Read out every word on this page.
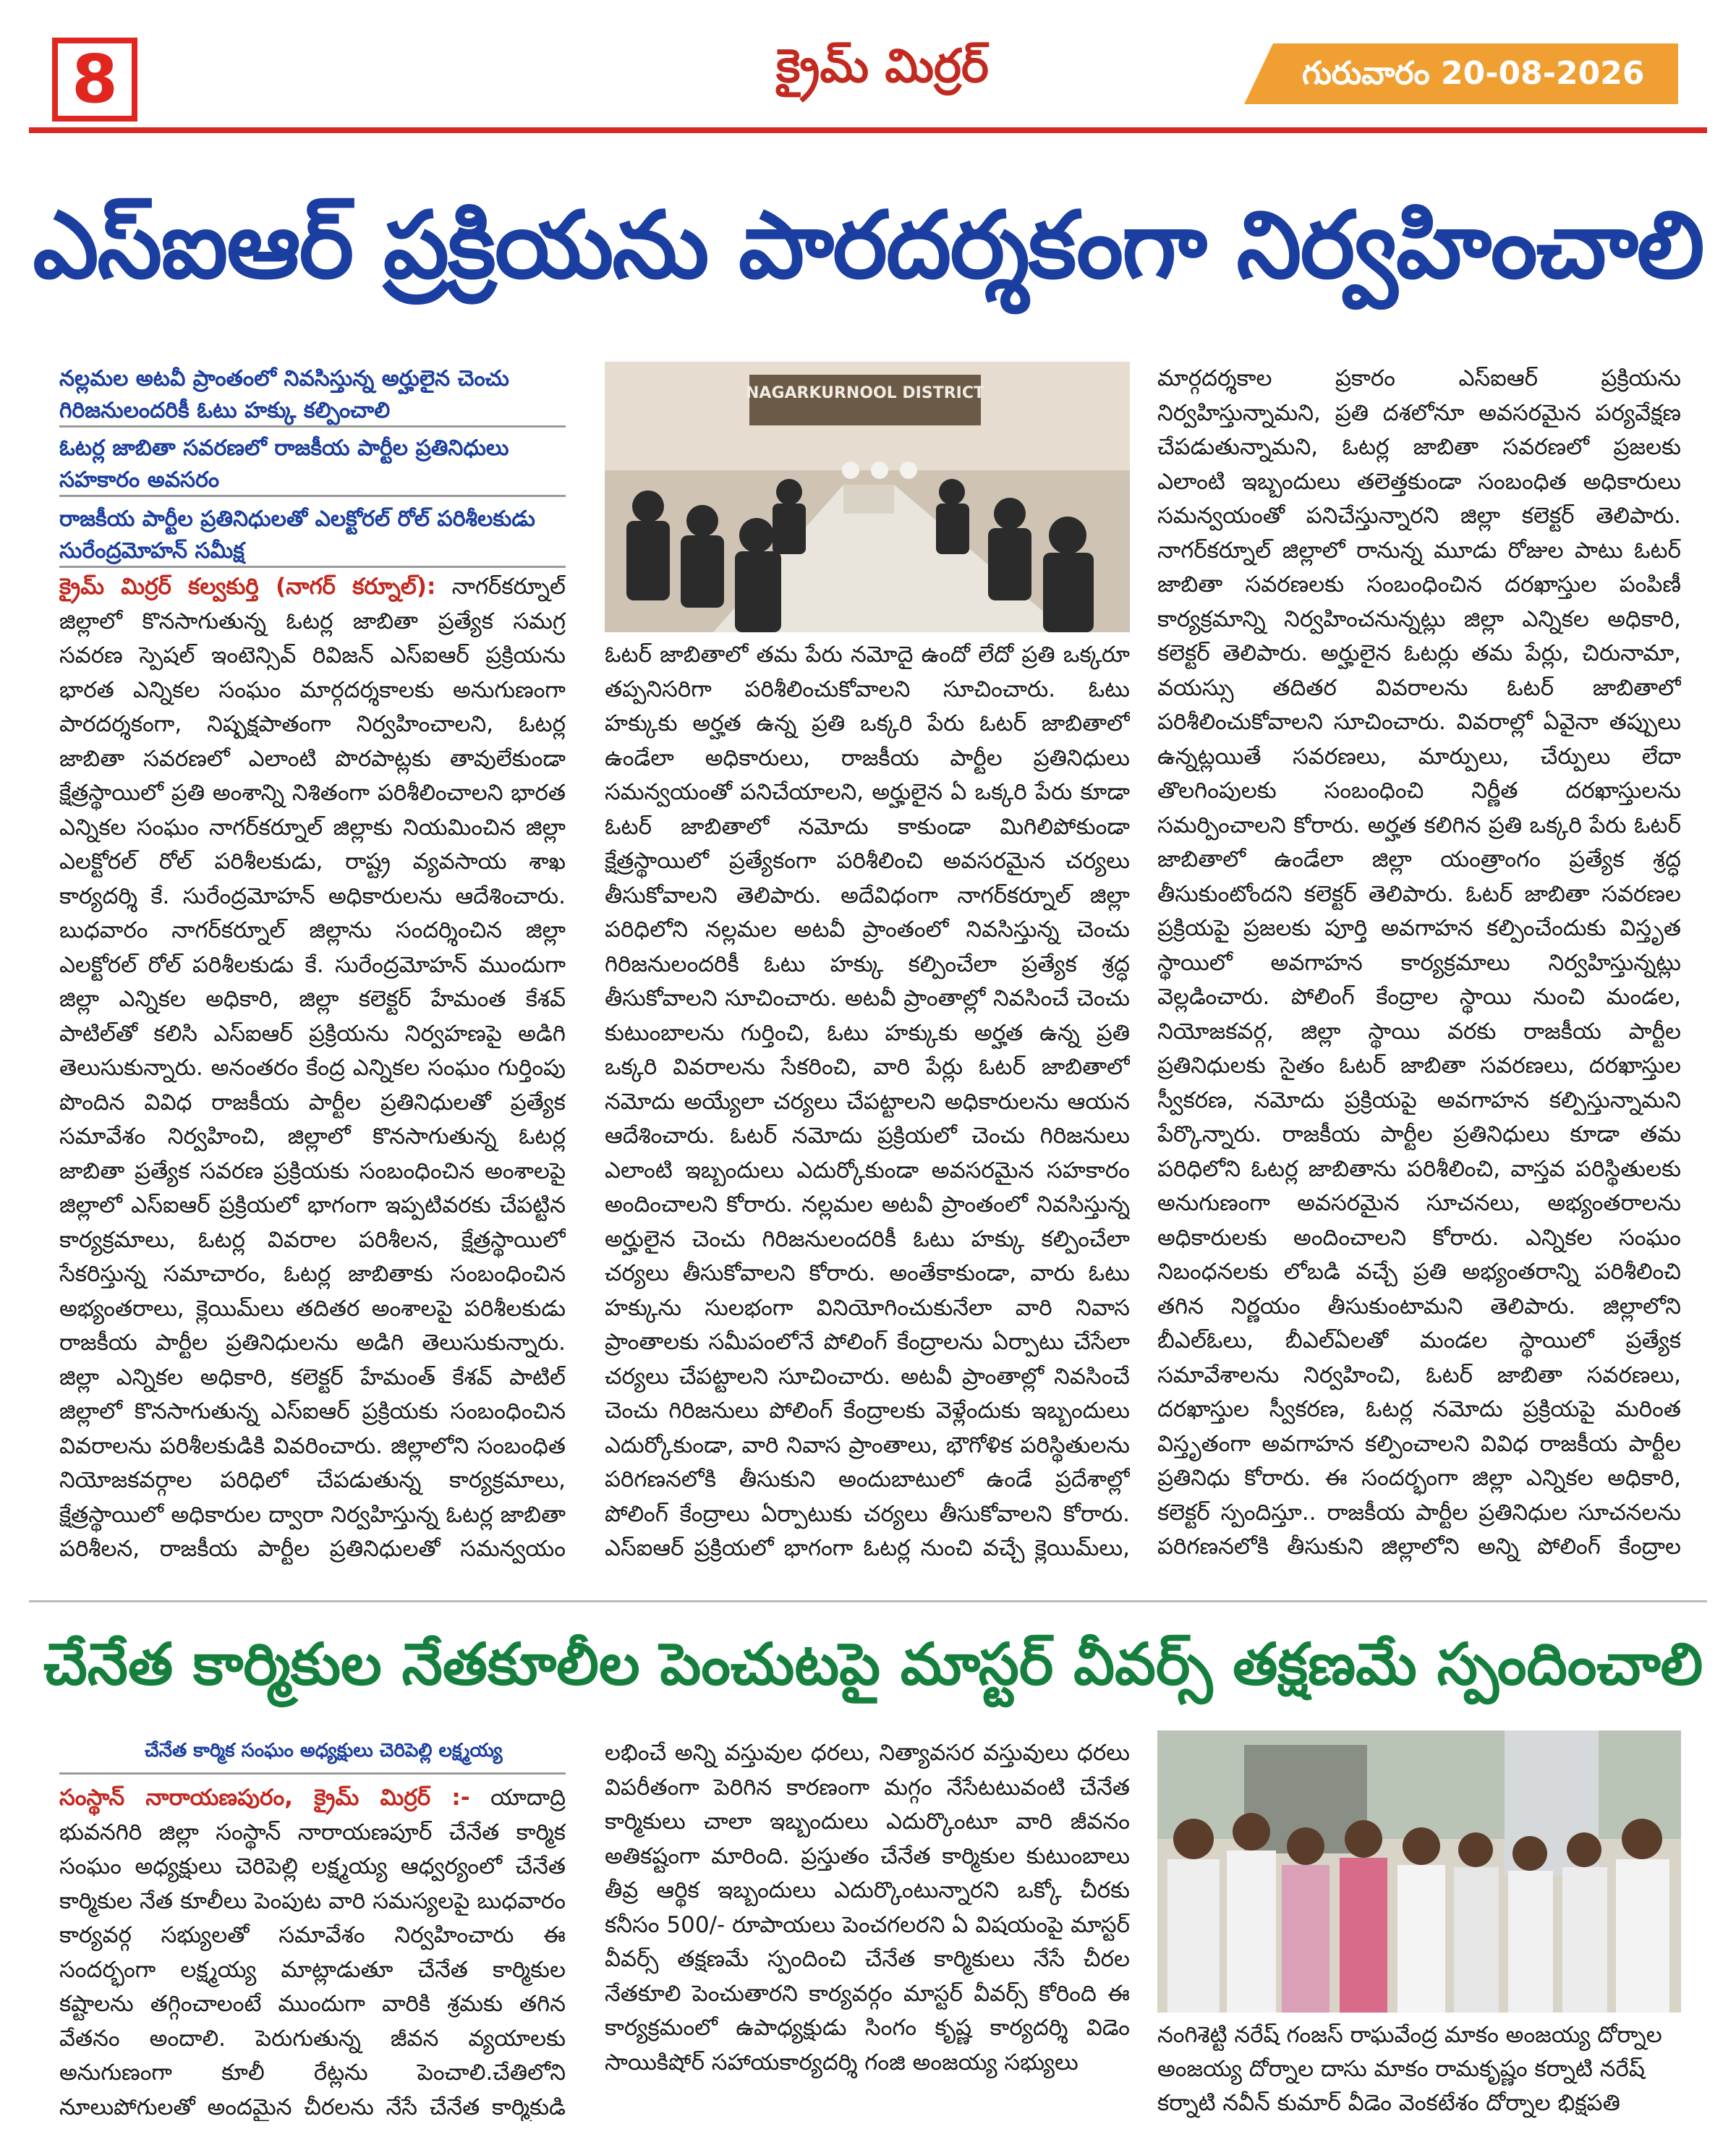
8	క్రైమ్ మిర్రర్	గురువారం 20-08-2026
ఎస్ఐఆర్ ప్రక్రియను పారదర్శకంగా నిర్వహించాలి
నల్లమల అటవీ ప్రాంతంలో నివసిస్తున్న అర్హులైన చెంచు గిరిజనులందరికీ ఓటు హక్కు కల్పించాలి
ఓటర్ల జాబితా సవరణలో రాజకీయ పార్టీల ప్రతినిధులు సహకారం అవసరం
రాజకీయ పార్టీల ప్రతినిధులతో ఎలక్టోరల్ రోల్ పరిశీలకుడు సురేంద్రమోహన్ సమీక్ష

క్రైమ్ మిర్రర్ కల్వకుర్తి (నాగర్ కర్నూల్): నాగర్‌కర్నూల్ జిల్లాలో కొనసాగుతున్న ఓటర్ల జాబితా ప్రత్యేక సమగ్ర సవరణ స్పెషల్ ఇంటెన్సివ్ రివిజన్ ఎస్ఐఆర్ ప్రక్రియను భారత ఎన్నికల సంఘం మార్గదర్శకాలకు అనుగుణంగా పారదర్శకంగా, నిష్పక్షపాతంగా నిర్వహించాలని, ఓటర్ల జాబితా సవరణలో ఎలాంటి పొరపాట్లకు తావులేకుండా క్షేత్రస్థాయిలో ప్రతి అంశాన్ని నిశితంగా పరిశీలించాలని భారత ఎన్నికల సంఘం నాగర్‌కర్నూల్ జిల్లాకు నియమించిన జిల్లా ఎలక్టోరల్ రోల్ పరిశీలకుడు, రాష్ట్ర వ్యవసాయ శాఖ కార్యదర్శి కే. సురేంద్రమోహన్ అధికారులను ఆదేశించారు. బుధవారం నాగర్‌కర్నూల్ జిల్లాను సందర్శించిన జిల్లా ఎలక్టోరల్ రోల్ పరిశీలకుడు కే. సురేంద్రమోహన్ ముందుగా జిల్లా ఎన్నికల అధికారి, జిల్లా కలెక్టర్ హేమంత కేశవ్ పాటిల్‌తో కలిసి ఎస్ఐఆర్ ప్రక్రియను నిర్వహణపై అడిగి తెలుసుకున్నారు. అనంతరం కేంద్ర ఎన్నికల సంఘం గుర్తింపు పొందిన వివిధ రాజకీయ పార్టీల ప్రతినిధులతో ప్రత్యేక సమావేశం నిర్వహించి, జిల్లాలో కొనసాగుతున్న ఓటర్ల జాబితా ప్రత్యేక సవరణ ప్రక్రియకు సంబంధించిన అంశాలపై జిల్లాలో ఎస్ఐఆర్ ప్రక్రియలో భాగంగా ఇప్పటివరకు చేపట్టిన కార్యక్రమాలు, ఓటర్ల వివరాల పరిశీలన, క్షేత్రస్థాయిలో సేకరిస్తున్న సమాచారం, ఓటర్ల జాబితాకు సంబంధించిన అభ్యంతరాలు, క్లెయిమ్‌లు తదితర అంశాలపై పరిశీలకుడు రాజకీయ పార్టీల ప్రతినిధులను అడిగి తెలుసుకున్నారు. జిల్లా ఎన్నికల అధికారి, కలెక్టర్ హేమంత్ కేశవ్ పాటిల్ జిల్లాలో కొనసాగుతున్న ఎస్ఐఆర్ ప్రక్రియకు సంబంధించిన వివరాలను పరిశీలకుడికి వివరించారు. జిల్లాలోని సంబంధిత నియోజకవర్గాల పరిధిలో చేపడుతున్న కార్యక్రమాలు, క్షేత్రస్థాయిలో అధికారుల ద్వారా నిర్వహిస్తున్న ఓటర్ల జాబితా పరిశీలన, రాజకీయ పార్టీల ప్రతినిధులతో సమన్వయం

NAGARKURNOOL DISTRICT

ఓటర్ జాబితాలో తమ పేరు నమోదై ఉందో లేదో ప్రతి ఒక్కరూ తప్పనిసరిగా పరిశీలించుకోవాలని సూచించారు. ఓటు హక్కుకు అర్హత ఉన్న ప్రతి ఒక్కరి పేరు ఓటర్ జాబితాలో ఉండేలా అధికారులు, రాజకీయ పార్టీల ప్రతినిధులు సమన్వయంతో పనిచేయాలని, అర్హులైన ఏ ఒక్కరి పేరు కూడా ఓటర్ జాబితాలో నమోదు కాకుండా మిగిలిపోకుండా క్షేత్రస్థాయిలో ప్రత్యేకంగా పరిశీలించి అవసరమైన చర్యలు తీసుకోవాలని తెలిపారు. అదేవిధంగా నాగర్‌కర్నూల్ జిల్లా పరిధిలోని నల్లమల అటవీ ప్రాంతంలో నివసిస్తున్న చెంచు గిరిజనులందరికీ ఓటు హక్కు కల్పించేలా ప్రత్యేక శ్రద్ధ తీసుకోవాలని సూచించారు. అటవీ ప్రాంతాల్లో నివసించే చెంచు కుటుంబాలను గుర్తించి, ఓటు హక్కుకు అర్హత ఉన్న ప్రతి ఒక్కరి వివరాలను సేకరించి, వారి పేర్లు ఓటర్ జాబితాలో నమోదు అయ్యేలా చర్యలు చేపట్టాలని అధికారులను ఆయన ఆదేశించారు. ఓటర్ నమోదు ప్రక్రియలో చెంచు గిరిజనులు ఎలాంటి ఇబ్బందులు ఎదుర్కోకుండా అవసరమైన సహకారం అందించాలని కోరారు. నల్లమల అటవీ ప్రాంతంలో నివసిస్తున్న అర్హులైన చెంచు గిరిజనులందరికీ ఓటు హక్కు కల్పించేలా చర్యలు తీసుకోవాలని కోరారు. అంతేకాకుండా, వారు ఓటు హక్కును సులభంగా వినియోగించుకునేలా వారి నివాస ప్రాంతాలకు సమీపంలోనే పోలింగ్ కేంద్రాలను ఏర్పాటు చేసేలా చర్యలు చేపట్టాలని సూచించారు. అటవీ ప్రాంతాల్లో నివసించే చెంచు గిరిజనులు పోలింగ్ కేంద్రాలకు వెళ్లేందుకు ఇబ్బందులు ఎదుర్కోకుండా, వారి నివాస ప్రాంతాలు, భౌగోళిక పరిస్థితులను పరిగణనలోకి తీసుకుని అందుబాటులో ఉండే ప్రదేశాల్లో పోలింగ్ కేంద్రాలు ఏర్పాటుకు చర్యలు తీసుకోవాలని కోరారు. ఎస్ఐఆర్ ప్రక్రియలో భాగంగా ఓటర్ల నుంచి వచ్చే క్లెయిమ్‌లు,

మార్గదర్శకాల ప్రకారం ఎస్ఐఆర్ ప్రక్రియను నిర్వహిస్తున్నామని, ప్రతి దశలోనూ అవసరమైన పర్యవేక్షణ చేపడుతున్నామని, ఓటర్ల జాబితా సవరణలో ప్రజలకు ఎలాంటి ఇబ్బందులు తలెత్తకుండా సంబంధిత అధికారులు సమన్వయంతో పనిచేస్తున్నారని జిల్లా కలెక్టర్ తెలిపారు. నాగర్‌కర్నూల్ జిల్లాలో రానున్న మూడు రోజుల పాటు ఓటర్ జాబితా సవరణలకు సంబంధించిన దరఖాస్తుల పంపిణీ కార్యక్రమాన్ని నిర్వహించనున్నట్లు జిల్లా ఎన్నికల అధికారి, కలెక్టర్ తెలిపారు. అర్హులైన ఓటర్లు తమ పేర్లు, చిరునామా, వయస్సు తదితర వివరాలను ఓటర్ జాబితాలో పరిశీలించుకోవాలని సూచించారు. వివరాల్లో ఏవైనా తప్పులు ఉన్నట్లయితే సవరణలు, మార్పులు, చేర్పులు లేదా తొలగింపులకు సంబంధించి నిర్ణీత దరఖాస్తులను సమర్పించాలని కోరారు. అర్హత కలిగిన ప్రతి ఒక్కరి పేరు ఓటర్ జాబితాలో ఉండేలా జిల్లా యంత్రాంగం ప్రత్యేక శ్రద్ధ తీసుకుంటోందని కలెక్టర్ తెలిపారు. ఓటర్ జాబితా సవరణల ప్రక్రియపై ప్రజలకు పూర్తి అవగాహన కల్పించేందుకు విస్తృత స్థాయిలో అవగాహన కార్యక్రమాలు నిర్వహిస్తున్నట్లు వెల్లడించారు. పోలింగ్ కేంద్రాల స్థాయి నుంచి మండల, నియోజకవర్గ, జిల్లా స్థాయి వరకు రాజకీయ పార్టీల ప్రతినిధులకు సైతం ఓటర్ జాబితా సవరణలు, దరఖాస్తుల స్వీకరణ, నమోదు ప్రక్రియపై అవగాహన కల్పిస్తున్నామని పేర్కొన్నారు. రాజకీయ పార్టీల ప్రతినిధులు కూడా తమ పరిధిలోని ఓటర్ల జాబితాను పరిశీలించి, వాస్తవ పరిస్థితులకు అనుగుణంగా అవసరమైన సూచనలు, అభ్యంతరాలను అధికారులకు అందించాలని కోరారు. ఎన్నికల సంఘం నిబంధనలకు లోబడి వచ్చే ప్రతి అభ్యంతరాన్ని పరిశీలించి తగిన నిర్ణయం తీసుకుంటామని తెలిపారు. జిల్లాలోని బీఎల్‌ఓలు, బీఎల్ఏలతో మండల స్థాయిలో ప్రత్యేక సమావేశాలను నిర్వహించి, ఓటర్ జాబితా సవరణలు, దరఖాస్తుల స్వీకరణ, ఓటర్ల నమోదు ప్రక్రియపై మరింత విస్తృతంగా అవగాహన కల్పించాలని వివిధ రాజకీయ పార్టీల ప్రతినిధు కోరారు. ఈ సందర్భంగా జిల్లా ఎన్నికల అధికారి, కలెక్టర్ స్పందిస్తూ.. రాజకీయ పార్టీల ప్రతినిధుల సూచనలను పరిగణనలోకి తీసుకుని జిల్లాలోని అన్ని పోలింగ్ కేంద్రాల

చేనేత కార్మికుల నేతకూలీల పెంచుటపై మాస్టర్ వీవర్స్ తక్షణమే స్పందించాలి
చేనేత కార్మిక సంఘం అధ్యక్షులు చెరిపెల్లి లక్ష్మయ్య

సంస్థాన్ నారాయణపురం, క్రైమ్ మిర్రర్ :- యాదాద్రి భువనగిరి జిల్లా సంస్థాన్ నారాయణపూర్ చేనేత కార్మిక సంఘం అధ్యక్షులు చెరిపెల్లి లక్ష్మయ్య ఆధ్వర్యంలో చేనేత కార్మికుల నేత కూలీలు పెంపుట వారి సమస్యలపై బుధవారం కార్యవర్గ సభ్యులతో సమావేశం నిర్వహించారు ఈ సందర్భంగా లక్ష్మయ్య మాట్లాడుతూ చేనేత కార్మికుల కష్టాలను తగ్గించాలంటే ముందుగా వారికి శ్రమకు తగిన వేతనం అందాలి. పెరుగుతున్న జీవన వ్యయాలకు అనుగుణంగా కూలీ రేట్లను పెంచాలి.చేతిలోని నూలుపోగులతో అందమైన చీరలను నేసే చేనేత కార్మికుడి

లభించే అన్ని వస్తువుల ధరలు, నిత్యావసర వస్తువులు ధరలు విపరీతంగా పెరిగిన కారణంగా మగ్గం నేసేటటువంటి చేనేత కార్మికులు చాలా ఇబ్బందులు ఎదుర్కొంటూ వారి జీవనం అతికష్టంగా మారింది. ప్రస్తుతం చేనేత కార్మికుల కుటుంబాలు తీవ్ర ఆర్థిక ఇబ్బందులు ఎదుర్కొంటున్నారని ఒక్కో చీరకు కనీసం 500/- రూపాయలు పెంచగలరని ఏ విషయంపై మాస్టర్ వీవర్స్ తక్షణమే స్పందించి చేనేత కార్మికులు నేసే చీరల నేతకూలి పెంచుతారని కార్యవర్గం మాస్టర్ వీవర్స్ కోరింది ఈ కార్యక్రమంలో ఉపాధ్యక్షుడు సింగం కృష్ణ కార్యదర్శి విడెం సాయికిషోర్ సహాయకార్యదర్శి గంజి అంజయ్య సభ్యులు

నంగిశెట్టి నరేష్ గంజస్ రాఘవేంద్ర మాకం అంజయ్య దోర్నాల అంజయ్య దోర్నాల దాసు మాకం రామకృష్ణం కర్నాటి నరేష్ కర్నాటి నవీన్ కుమార్ వీడెం వెంకటేశం దోర్నాల భిక్షపతి
